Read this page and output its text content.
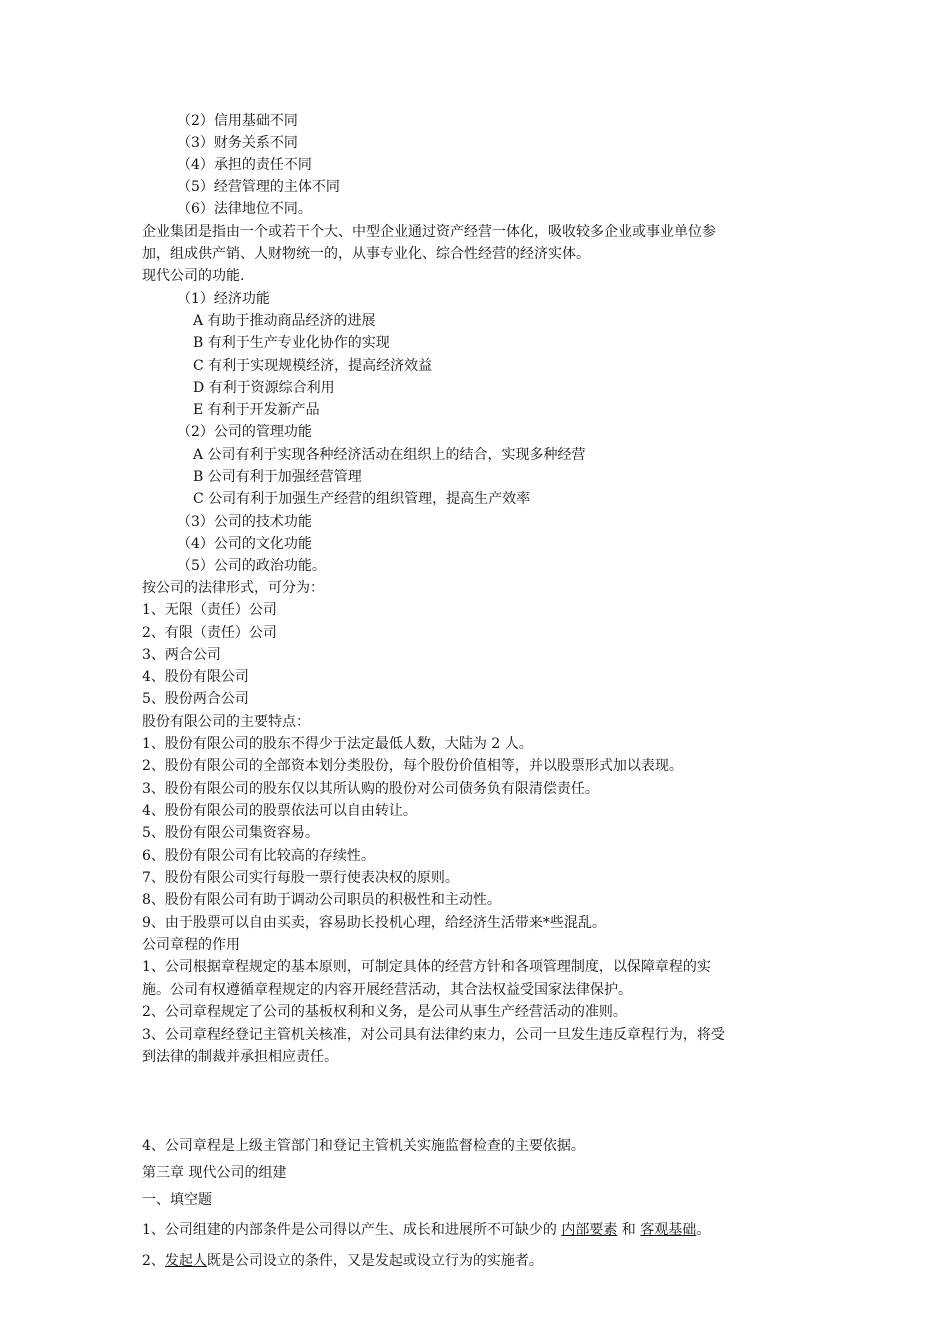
（2）信用基础不同
（3）财务关系不同
（4）承担的责任不同
（5）经营管理的主体不同
（6）法律地位不同。
企业集团是指由一个或若干个大、中型企业通过资产经营一体化，吸收较多企业或事业单位参
加，组成供产销、人财物统一的，从事专业化、综合性经营的经济实体。
现代公司的功能.
（1）经济功能
A 有助于推动商品经济的进展
B 有利于生产专业化协作的实现
C 有利于实现规模经济，提高经济效益
D 有利于资源综合利用
E 有利于开发新产品
（2）公司的管理功能
A 公司有利于实现各种经济活动在组织上的结合，实现多种经营
B 公司有利于加强经营管理
C 公司有利于加强生产经营的组织管理，提高生产效率
（3）公司的技术功能
（4）公司的文化功能
（5）公司的政治功能。
按公司的法律形式，可分为：
1、无限（责任）公司
2、有限（责任）公司
3、两合公司
4、股份有限公司
5、股份两合公司
股份有限公司的主要特点：
1、股份有限公司的股东不得少于法定最低人数，大陆为 2 人。
2、股份有限公司的全部资本划分类股份，每个股份价值相等，并以股票形式加以表现。
3、股份有限公司的股东仅以其所认购的股份对公司债务负有限清偿责任。
4、股份有限公司的股票依法可以自由转让。
5、股份有限公司集资容易。
6、股份有限公司有比较高的存续性。
7、股份有限公司实行每股一票行使表决权的原则。
8、股份有限公司有助于调动公司职员的积极性和主动性。
9、由于股票可以自由买卖，容易助长投机心理，给经济生活带来*些混乱。
公司章程的作用
1、公司根据章程规定的基本原则，可制定具体的经营方针和各项管理制度，以保障章程的实
施。公司有权遵循章程规定的内容开展经营活动，其合法权益受国家法律保护。
2、公司章程规定了公司的基板权利和义务，是公司从事生产经营活动的准则。
3、公司章程经登记主管机关核准，对公司具有法律约束力，公司一旦发生违反章程行为，将受
到法律的制裁并承担相应责任。
4、公司章程是上级主管部门和登记主管机关实施监督检查的主要依据。
第三章 现代公司的组建
一、填空题
1、公司组建的内部条件是公司得以产生、成长和进展所不可缺少的 内部要素 和 客观基础。
2、发起人既是公司设立的条件，又是发起或设立行为的实施者。
